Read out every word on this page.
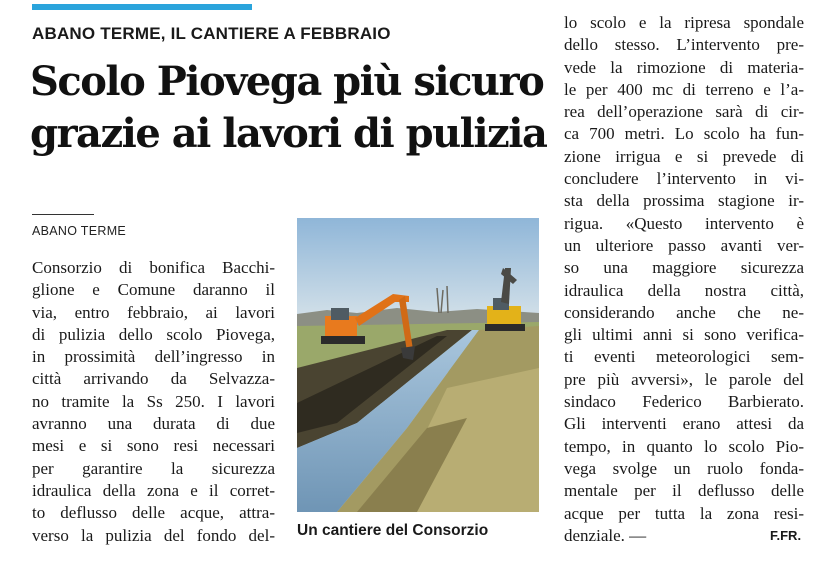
ABANO TERME, IL CANTIERE A FEBBRAIO
Scolo Piovega più sicuro
grazie ai lavori di pulizia
ABANO TERME
Consorzio di bonifica Bacchi-
glione e Comune daranno il
via, entro febbraio, ai lavori
di pulizia dello scolo Piovega,
in prossimità dell’ingresso in
città arrivando da Selvazza-
no tramite la Ss 250. I lavori
avranno una durata di due
mesi e si sono resi necessari
per garantire la sicurezza
idraulica della zona e il corret-
to deflusso delle acque, attra-
verso la pulizia del fondo del- Un cantiere del Consorzio
lo scolo e la ripresa spondale
dello stesso. L’intervento pre-
vede la rimozione di materia-
le per 400 mc di terreno e l’a-
rea dell’operazione sarà di cir-
ca 700 metri. Lo scolo ha fun-
zione irrigua e si prevede di
concludere l’intervento in vi-
sta della prossima stagione ir-
rigua. «Questo intervento è
un ulteriore passo avanti ver-
so una maggiore sicurezza
idraulica della nostra città,
considerando anche che ne-
gli ultimi anni si sono verifica-
ti eventi meteorologici sem-
pre più avversi», le parole del
sindaco Federico Barbierato.
Gli interventi erano attesi da
tempo, in quanto lo scolo Pio-
vega svolge un ruolo fonda-
mentale per il deflusso delle
acque per tutta la zona resi-
denziale. —	F.FR.
